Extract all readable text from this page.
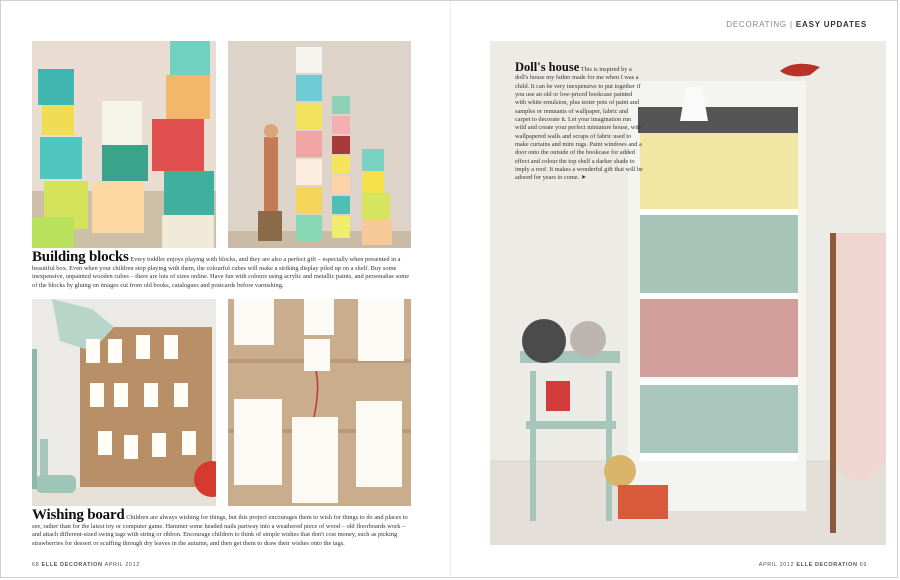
DECORATING | EASY UPDATES
Building blocks Every toddler enjoys playing with blocks, and they are also a perfect gift – especially when presented in a beautiful box. Even when your children stop playing with them, the colourful cubes will make a striking display piled up on a shelf. Buy some inexpensive, unpainted wooden cubes – there are lots of sizes online. Have fun with colours using acrylic and metallic paints, and personalise some of the blocks by gluing on images cut from old books, catalogues and postcards before varnishing.
Wishing board Children are always wishing for things, but this project encourages them to wish for things to do and places to see, rather than for the latest toy or computer game. Hammer some headed nails partway into a weathered piece of wood – old floorboards work – and attach different-sized swing tags with string or ribbon. Encourage children to think of simple wishes that don't cost money, such as picking strawberries for dessert or scuffing through dry leaves in the autumn, and then get them to draw their wishes onto the tags.
68 ELLE DECORATION APRIL 2012
Doll's house This is inspired by a doll's house my father made for me when I was a child. It can be very inexpensive to put together if you use an old or low-priced bookcase painted with white emulsion, plus tester pots of paint and samples or remnants of wallpaper, fabric and carpet to decorate it. Let your imagination run wild and create your perfect miniature house, with wallpapered walls and scraps of fabric used to make curtains and mini rugs. Paint windows and a door onto the outside of the bookcase for added effect and colour the top shelf a darker shade to imply a roof. It makes a wonderful gift that will be adored for years to come. ➤
APRIL 2012 ELLE DECORATION 69
